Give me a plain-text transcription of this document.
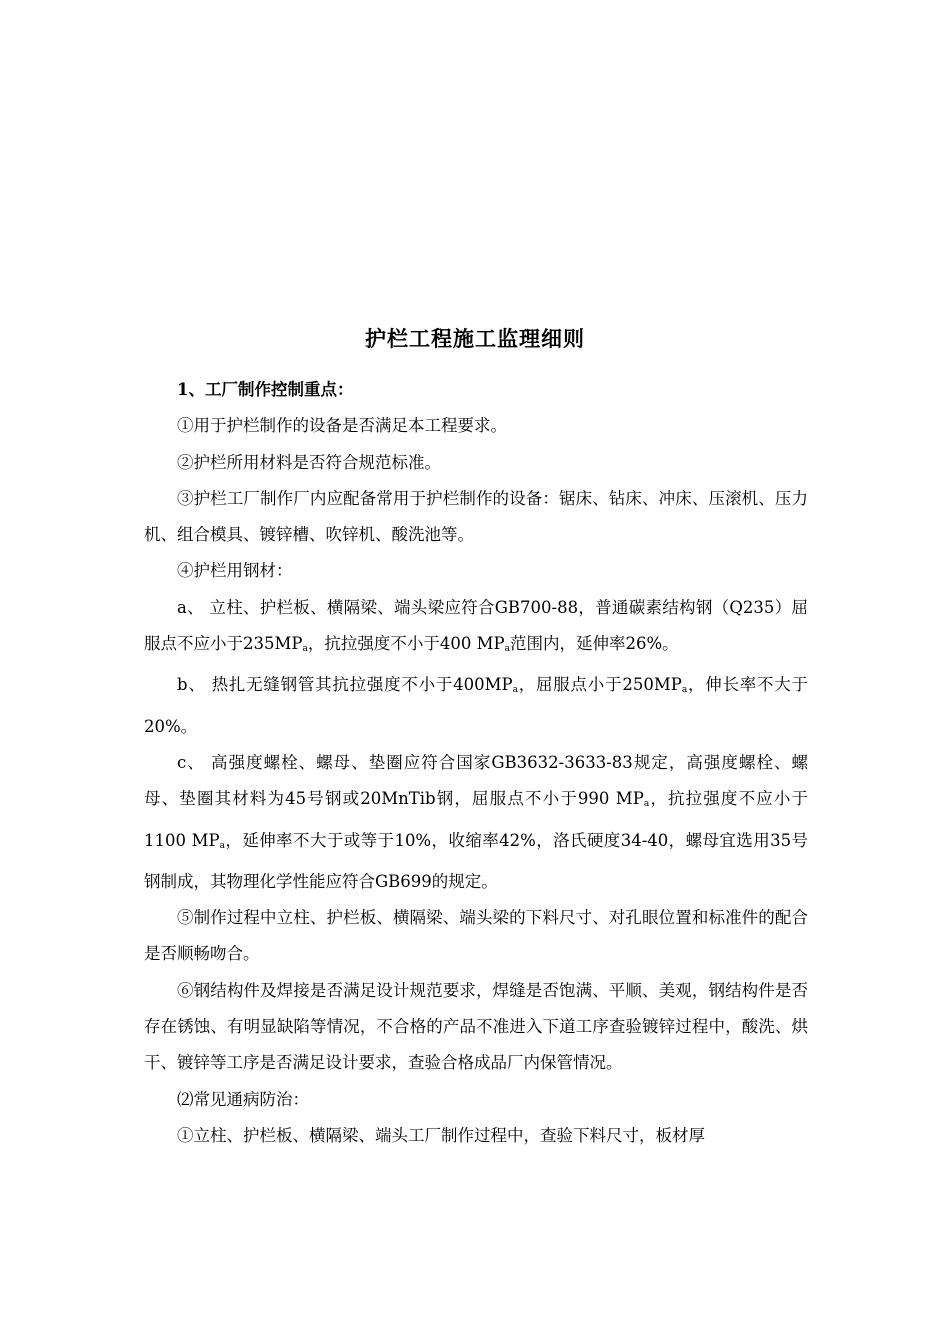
护栏工程施工监理细则

1、工厂制作控制重点：

①用于护栏制作的设备是否满足本工程要求。

②护栏所用材料是否符合规范标准。

③护栏工厂制作厂内应配备常用于护栏制作的设备：锯床、钻床、冲床、压滚机、压力机、组合模具、镀锌槽、吹锌机、酸洗池等。

④护栏用钢材：

a、 立柱、护栏板、横隔梁、端头梁应符合GB700-88，普通碳素结构钢（Q235）屈服点不应小于$235MP_a$，抗拉强度不小于400 $MP_a$范围内，延伸率26%。

b、 热扎无缝钢管其抗拉强度不小于$400MP_a$，屈服点小于$250MP_a$，伸长率不大于20%。

c、 高强度螺栓、螺母、垫圈应符合国家GB3632-3633-83规定，高强度螺栓、螺母、垫圈其材料为45号钢或20MnTib钢，屈服点不小于990 $MP_a$，抗拉强度不应小于1100 $MP_a$，延伸率不大于或等于10%，收缩率42%，洛氏硬度34-40，螺母宜选用35号钢制成，其物理化学性能应符合GB699的规定。

⑤制作过程中立柱、护栏板、横隔梁、端头梁的下料尺寸、对孔眼位置和标准件的配合是否顺畅吻合。

⑥钢结构件及焊接是否满足设计规范要求，焊缝是否饱满、平顺、美观，钢结构件是否存在锈蚀、有明显缺陷等情况，不合格的产品不准进入下道工序查验镀锌过程中，酸洗、烘干、镀锌等工序是否满足设计要求，查验合格成品厂内保管情况。

⑵常见通病防治：

①立柱、护栏板、横隔梁、端头工厂制作过程中，查验下料尺寸，板材厚
